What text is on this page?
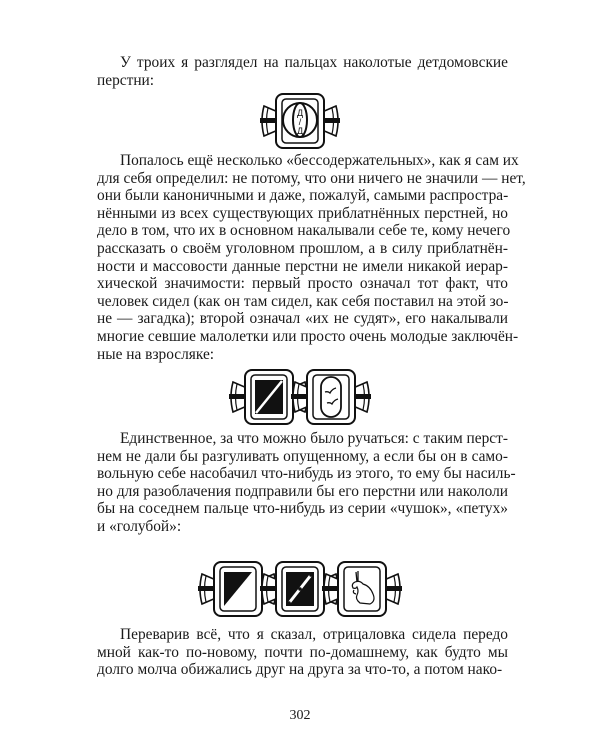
У троих я разглядел на пальцах наколотые детдомовские
перстни:
Д/Д
Попалось ещё несколько «бессодержательных», как я сам их
для себя определил: не потому, что они ничего не значили — нет,
они были каноничными и даже, пожалуй, самыми распростра-
нёнными из всех существующих приблатнённых перстней, но
дело в том, что их в основном накалывали себе те, кому нечего
рассказать о своём уголовном прошлом, а в силу приблатнён-
ности и массовости данные перстни не имели никакой иерар-
хической значимости: первый просто означал тот факт, что
человек сидел (как он там сидел, как себя поставил на этой зо-
не — загадка); второй означал «их не судят», его накалывали
многие севшие малолетки или просто очень молодые заключён-
ные на взросляке:
Единственное, за что можно было ручаться: с таким перст-
нем не дали бы разгуливать опущенному, а если бы он в само-
вольную себе насобачил что-нибудь из этого, то ему бы насиль-
но для разоблачения подправили бы его перстни или накололи
бы на соседнем пальце что-нибудь из серии «чушок», «петух»
и «голубой»:
Переварив всё, что я сказал, отрицаловка сидела передо
мной как-то по-новому, почти по-домашнему, как будто мы
долго молча обижались друг на друга за что-то, а потом нако-
302
